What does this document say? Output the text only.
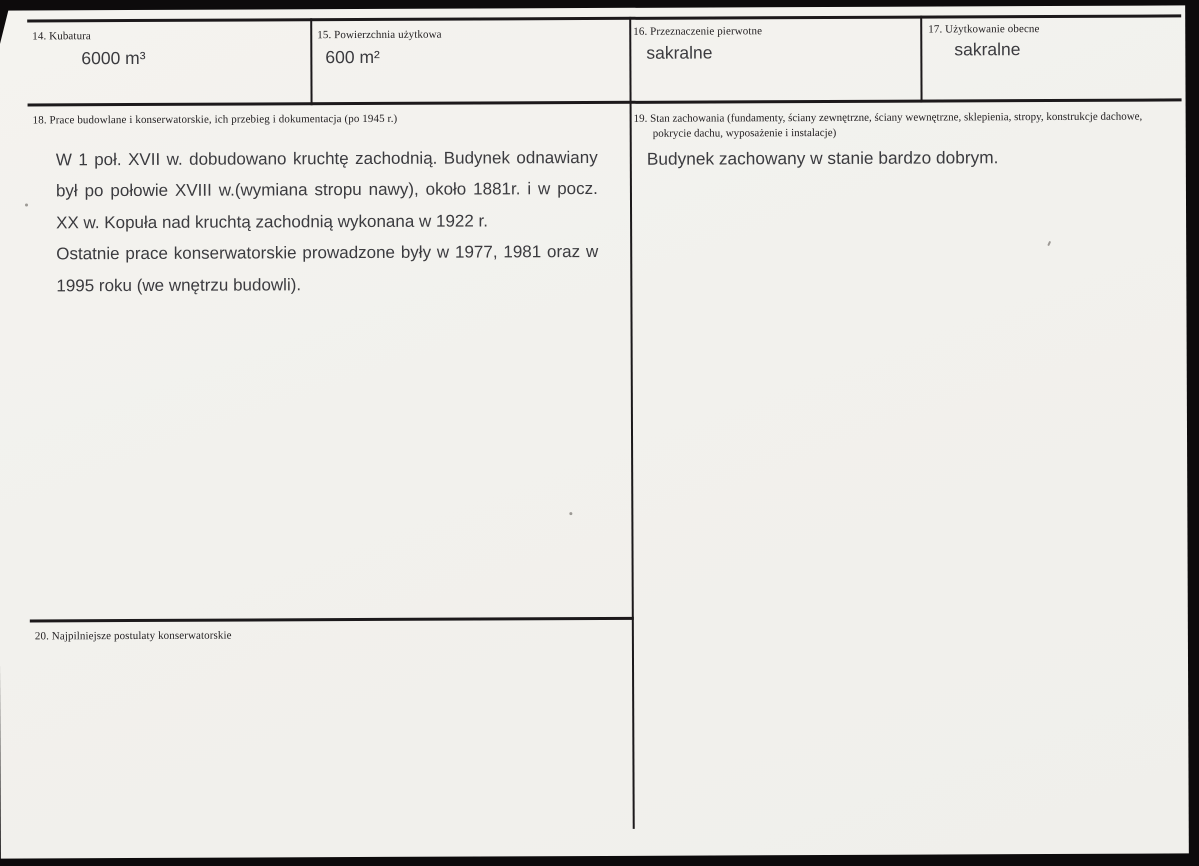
14. Kubatura
6000 m³
15. Powierzchnia użytkowa
600 m²
16. Przeznaczenie pierwotne
sakralne
17. Użytkowanie obecne
sakralne
18. Prace budowlane i konserwatorskie, ich przebieg i dokumentacja (po 1945 r.)
W 1 poł. XVII w. dobudowano kruchtę zachodnią. Budynek odnawiany
był po połowie XVIII w.(wymiana stropu nawy), około 1881r. i w pocz.
XX w. Kopuła nad kruchtą zachodnią wykonana w 1922 r.
Ostatnie prace konserwatorskie prowadzone były w 1977, 1981 oraz w
1995 roku (we wnętrzu budowli).
19. Stan zachowania (fundamenty, ściany zewnętrzne, ściany wewnętrzne, sklepienia, stropy, konstrukcje dachowe,
pokrycie dachu, wyposażenie i instalacje)
Budynek zachowany w stanie bardzo dobrym.
20. Najpilniejsze postulaty konserwatorskie
